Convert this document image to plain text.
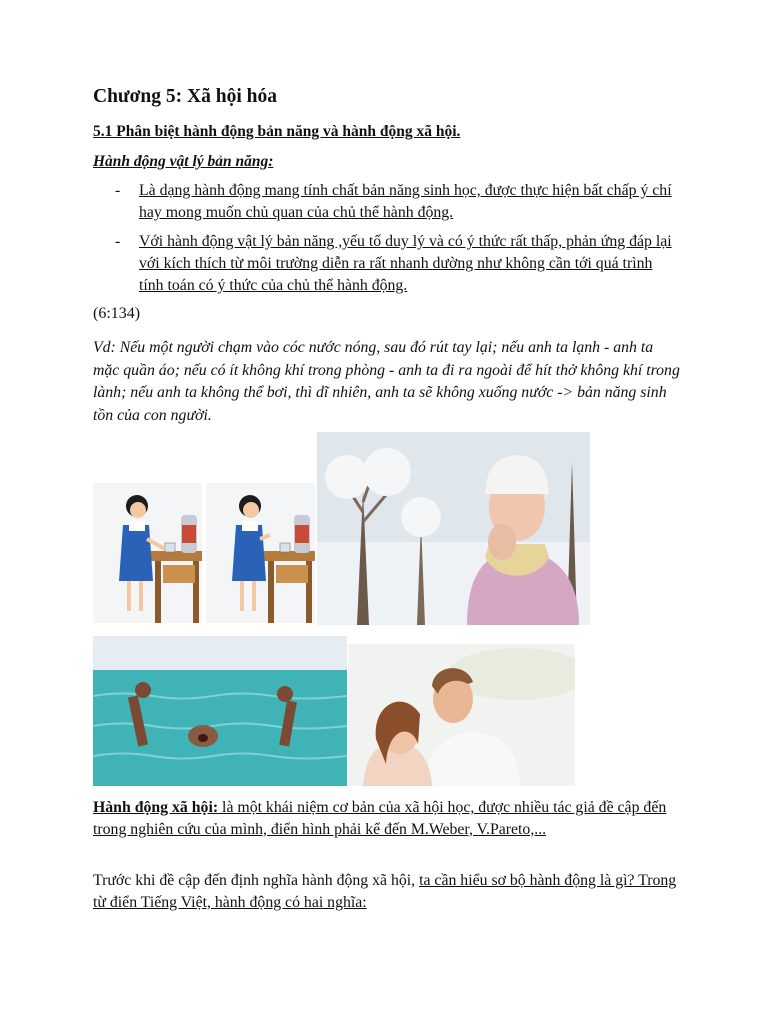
Chương 5: Xã hội hóa
5.1 Phân biệt hành động bản năng và hành động xã hội.
Hành động vật lý bản năng:
- Là dạng hành động mang tính chất bản năng sinh học, được thực hiện bất chấp ý chí hay mong muốn chủ quan của chủ thể hành động.
- Với hành động vật lý bản năng ,yếu tố duy lý và có ý thức rất thấp, phản ứng đáp lại với kích thích từ môi trường diễn ra rất nhanh dường như không cần tới quá trình tính toán có ý thức của chủ thể hành động.

(6:134)

Vd: Nếu một người chạm vào cóc nước nóng, sau đó rút tay lại; nếu anh ta lạnh - anh ta mặc quần áo; nếu có ít không khí trong phòng - anh ta đi ra ngoài để hít thở không khí trong lành; nếu anh ta không thể bơi, thì dĩ nhiên, anh ta sẽ không xuống nước -> bản năng sinh tồn của con người.

Hành động xã hội: là một khái niệm cơ bản của xã hội học, được nhiều tác giả đề cập đến trong nghiên cứu của mình, điển hình phải kể đến M.Weber, V.Pareto,...

Trước khi đề cập đến định nghĩa hành động xã hội, ta cần hiểu sơ bộ hành động là gì? Trong từ điển Tiếng Việt, hành động có hai nghĩa:
